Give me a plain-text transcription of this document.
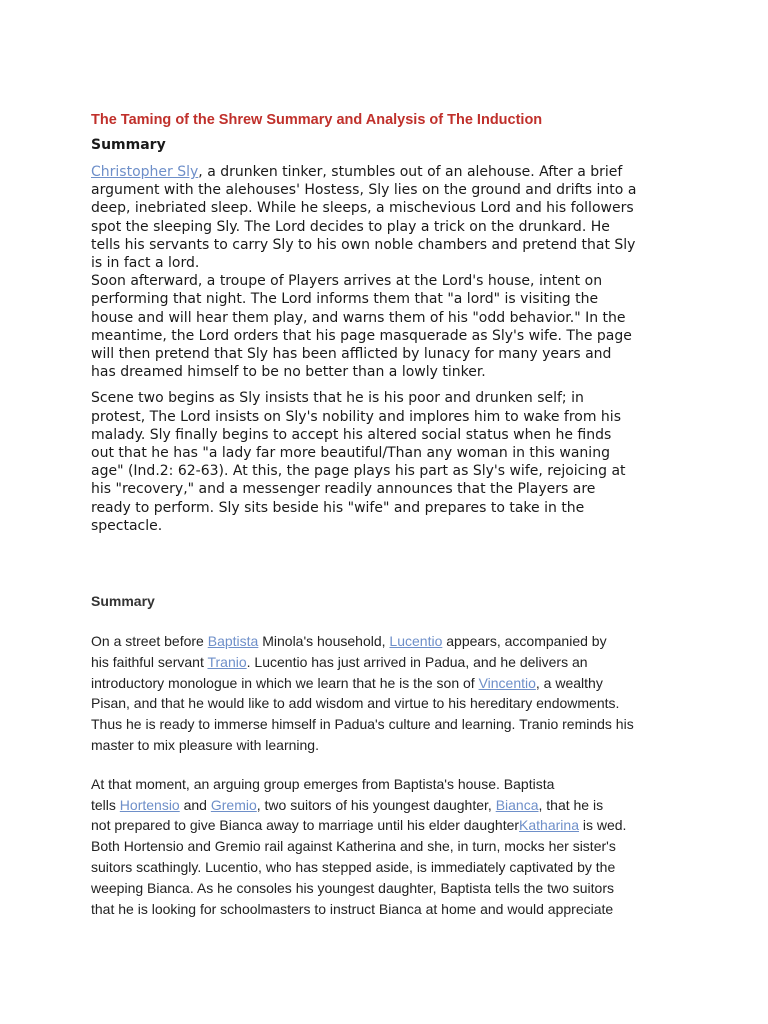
The Taming of the Shrew Summary and Analysis of The Induction
Summary
Christopher Sly, a drunken tinker, stumbles out of an alehouse. After a brief
argument with the alehouses' Hostess, Sly lies on the ground and drifts into a
deep, inebriated sleep. While he sleeps, a mischevious Lord and his followers
spot the sleeping Sly. The Lord decides to play a trick on the drunkard. He
tells his servants to carry Sly to his own noble chambers and pretend that Sly
is in fact a lord.
Soon afterward, a troupe of Players arrives at the Lord's house, intent on
performing that night. The Lord informs them that "a lord" is visiting the
house and will hear them play, and warns them of his "odd behavior." In the
meantime, the Lord orders that his page masquerade as Sly's wife. The page
will then pretend that Sly has been afflicted by lunacy for many years and
has dreamed himself to be no better than a lowly tinker.
Scene two begins as Sly insists that he is his poor and drunken self; in
protest, The Lord insists on Sly's nobility and implores him to wake from his
malady. Sly finally begins to accept his altered social status when he finds
out that he has "a lady far more beautiful/Than any woman in this waning
age" (Ind.2: 62-63). At this, the page plays his part as Sly's wife, rejoicing at
his "recovery," and a messenger readily announces that the Players are
ready to perform. Sly sits beside his "wife" and prepares to take in the
spectacle.
Summary
On a street before Baptista Minola's household, Lucentio appears, accompanied by
his faithful servant Tranio. Lucentio has just arrived in Padua, and he delivers an
introductory monologue in which we learn that he is the son of Vincentio, a wealthy
Pisan, and that he would like to add wisdom and virtue to his hereditary endowments.
Thus he is ready to immerse himself in Padua's culture and learning. Tranio reminds his
master to mix pleasure with learning.
At that moment, an arguing group emerges from Baptista's house. Baptista
tells Hortensio and Gremio, two suitors of his youngest daughter, Bianca, that he is
not prepared to give Bianca away to marriage until his elder daughterKatharina is wed.
Both Hortensio and Gremio rail against Katherina and she, in turn, mocks her sister's
suitors scathingly. Lucentio, who has stepped aside, is immediately captivated by the
weeping Bianca. As he consoles his youngest daughter, Baptista tells the two suitors
that he is looking for schoolmasters to instruct Bianca at home and would appreciate
